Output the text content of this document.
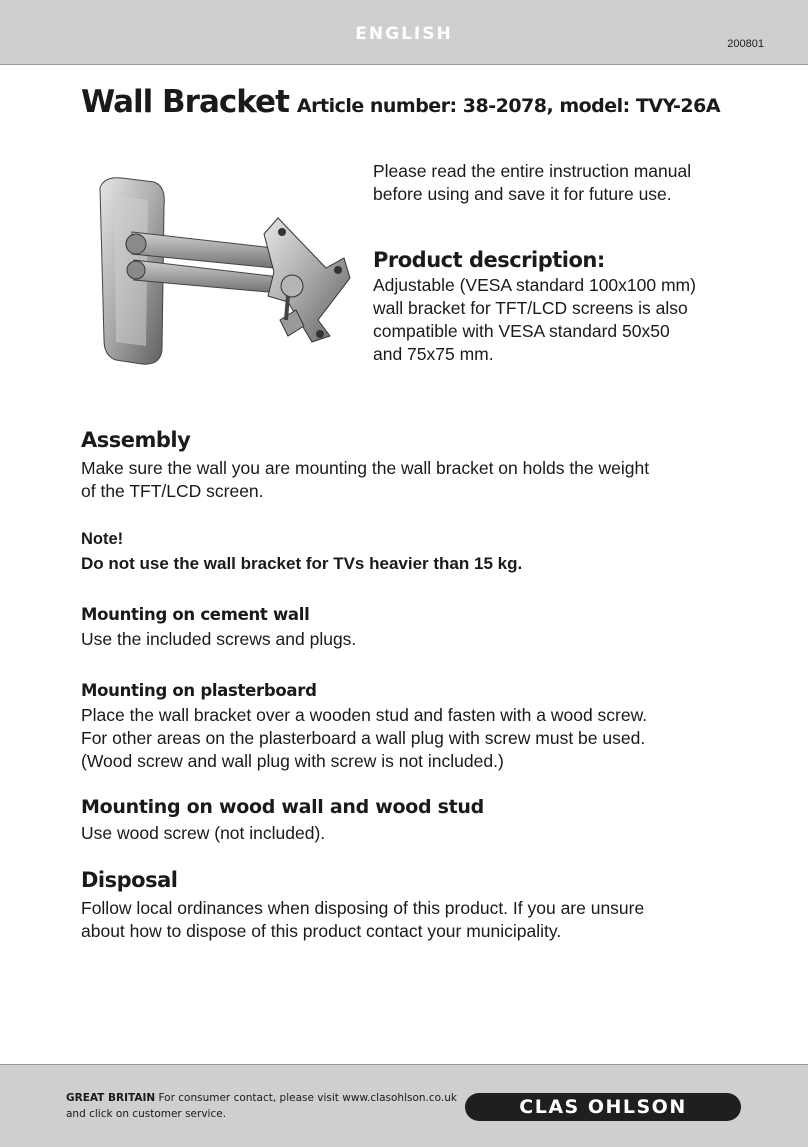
ENGLISH	200801
Wall Bracket Article number: 38-2078, model: TVY-26A
Please read the entire instruction manual
before using and save it for future use.
Product description:
Adjustable (VESA standard 100x100 mm)
wall bracket for TFT/LCD screens is also
compatible with VESA standard 50x50
and 75x75 mm.
Assembly
Make sure the wall you are mounting the wall bracket on holds the weight
of the TFT/LCD screen.
Note!
Do not use the wall bracket for TVs heavier than 15 kg.
Mounting on cement wall
Use the included screws and plugs.
Mounting on plasterboard
Place the wall bracket over a wooden stud and fasten with a wood screw.
For other areas on the plasterboard a wall plug with screw must be used.
(Wood screw and wall plug with screw is not included.)
Mounting on wood wall and wood stud
Use wood screw (not included).
Disposal
Follow local ordinances when disposing of this product. If you are unsure
about how to dispose of this product contact your municipality.
GREAT BRITAIN For consumer contact, please visit www.clasohlson.co.uk
and click on customer service.	CLAS OHLSON
